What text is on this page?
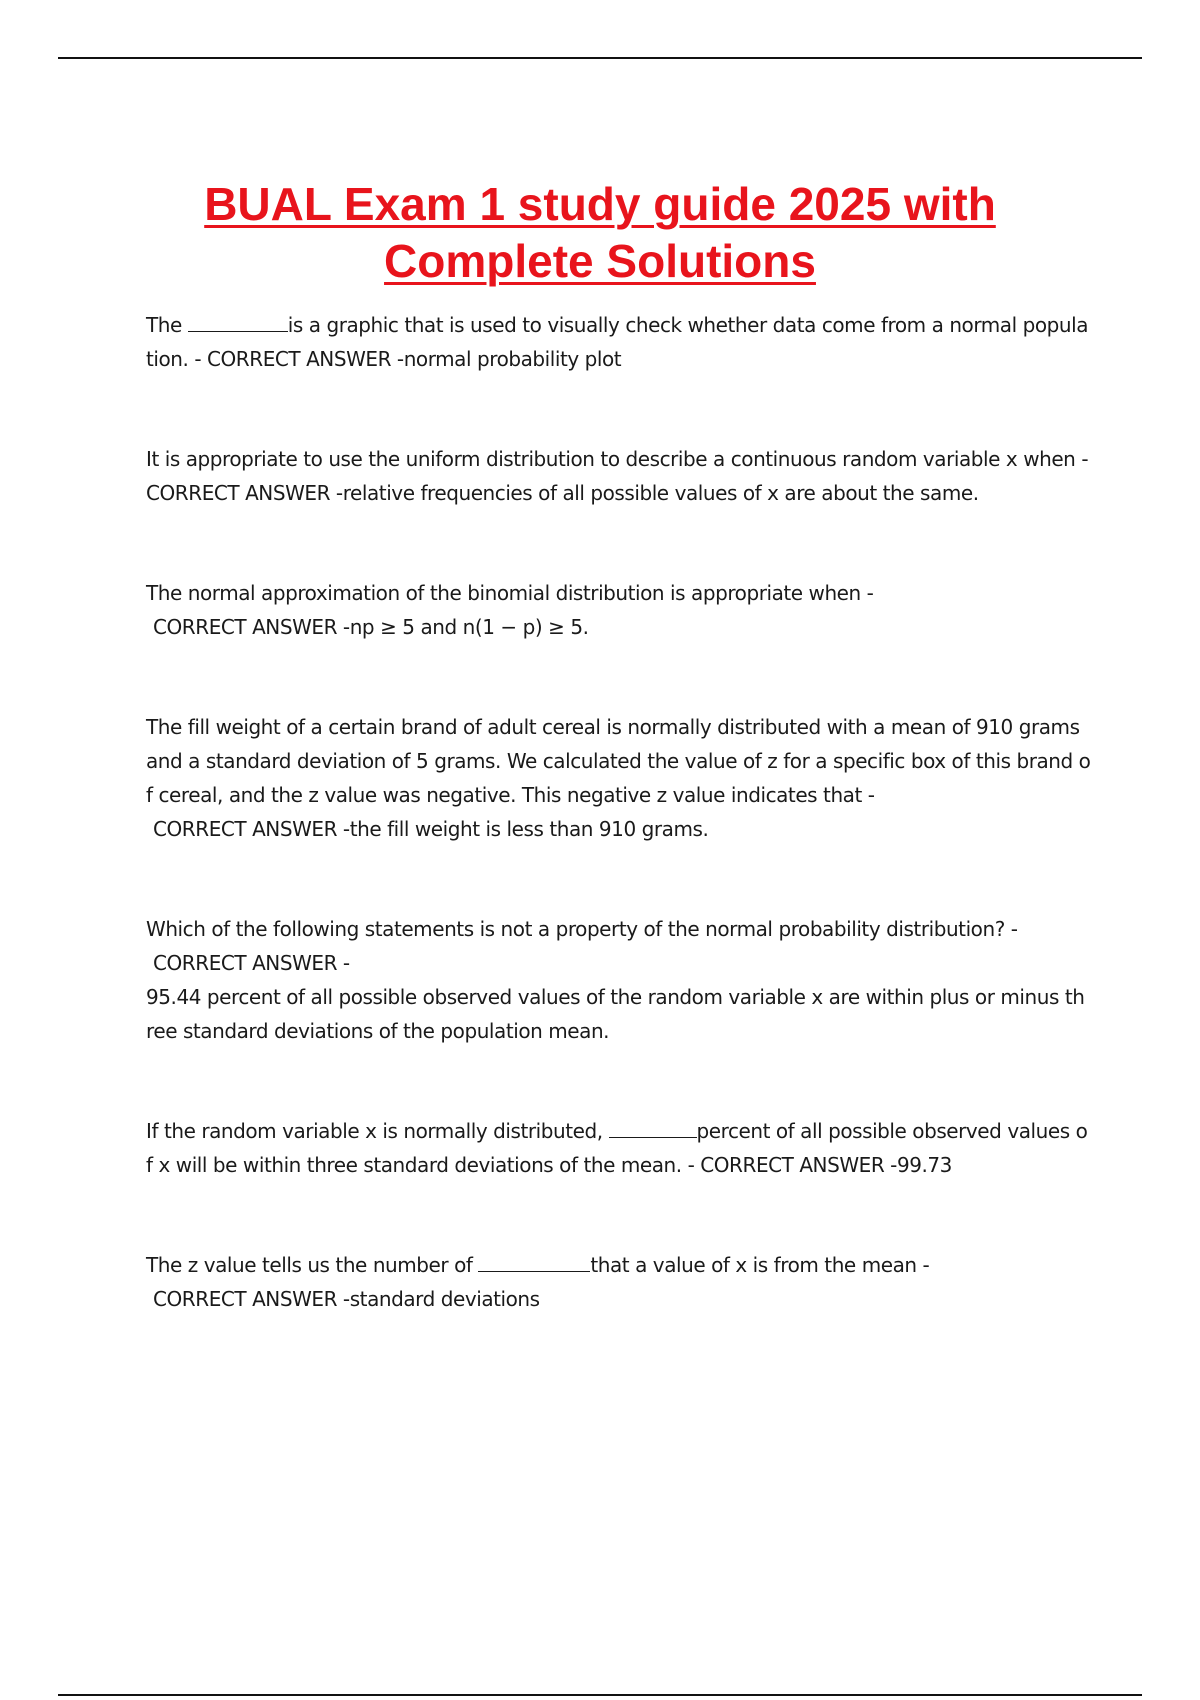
BUAL Exam 1 study guide 2025 with
Complete Solutions

The	is a graphic that is used to visually check whether data come from a normal population. - CORRECT ANSWER -normal probability plot

It is appropriate to use the uniform distribution to describe a continuous random variable x when - CORRECT ANSWER -relative frequencies of all possible values of x are about the same.

The normal approximation of the binomial distribution is appropriate when -
CORRECT ANSWER -np ≥ 5 and n(1 − p) ≥ 5.

The fill weight of a certain brand of adult cereal is normally distributed with a mean of 910 grams and a standard deviation of 5 grams. We calculated the value of z for a specific box of this brand of cereal, and the z value was negative. This negative z value indicates that -
CORRECT ANSWER -the fill weight is less than 910 grams.

Which of the following statements is not a property of the normal probability distribution? -
CORRECT ANSWER -
95.44 percent of all possible observed values of the random variable x are within plus or minus three standard deviations of the population mean.

If the random variable x is normally distributed,	percent of all possible observed values of x will be within three standard deviations of the mean. - CORRECT ANSWER -99.73

The z value tells us the number of	that a value of x is from the mean -
CORRECT ANSWER -standard deviations
